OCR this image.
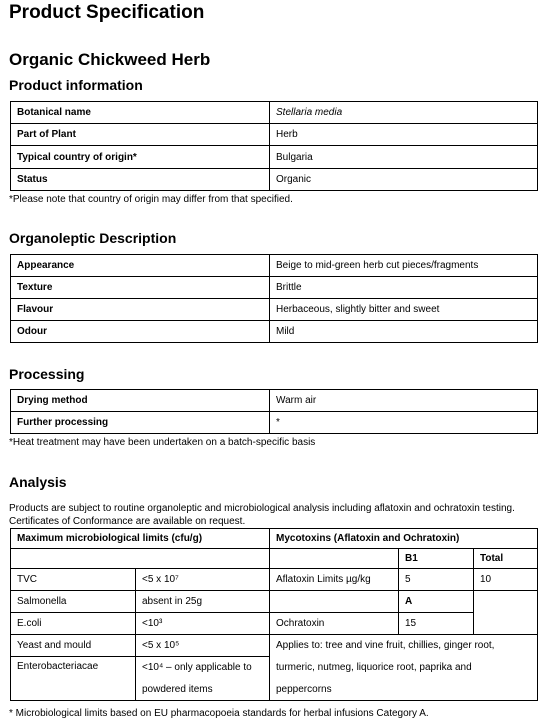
Product Specification
Organic Chickweed Herb
Product information
Botanical name	Stellaria media
Part of Plant	Herb
Typical country of origin*	Bulgaria
Status	Organic
*Please note that country of origin may differ from that specified.
Organoleptic Description
Appearance	Beige to mid-green herb cut pieces/fragments
Texture	Brittle
Flavour	Herbaceous, slightly bitter and sweet
Odour	Mild
Processing
Drying method	Warm air
Further processing	*
*Heat treatment may have been undertaken on a batch-specific basis
Analysis
Products are subject to routine organoleptic and microbiological analysis including aflatoxin and ochratoxin testing. Certificates of Conformance are available on request.
Maximum microbiological limits (cfu/g)		Mycotoxins (Aflatoxin and Ochratoxin)		
			B1	Total
TVC	<5 x 10⁷	Aflatoxin Limits µg/kg	5	10
Salmonella	absent in 25g		A	
E.coli	<10³	Ochratoxin	15	
Yeast and mould	<5 x 10⁵	Applies to: tree and vine fruit, chillies, ginger root,		
Enterobacteriacae	<10⁴ – only applicable to	turmeric, nutmeg, liquorice root, paprika and		
	powdered items	peppercorns		
* Microbiological limits based on EU pharmacopoeia standards for herbal infusions Category A.
